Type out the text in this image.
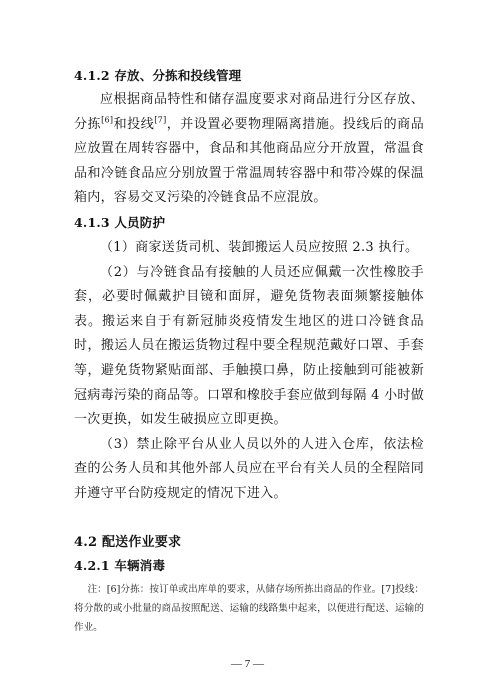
4.1.2 存放、分拣和投线管理

应根据商品特性和储存温度要求对商品进行分区存放、分拣[6]和投线[7]，并设置必要物理隔离措施。投线后的商品应放置在周转容器中，食品和其他商品应分开放置，常温食品和冷链食品应分别放置于常温周转容器中和带冷媒的保温箱内，容易交叉污染的冷链食品不应混放。

4.1.3 人员防护

（1）商家送货司机、装卸搬运人员应按照 2.3 执行。

（2）与冷链食品有接触的人员还应佩戴一次性橡胶手套，必要时佩戴护目镜和面屏，避免货物表面频繁接触体表。搬运来自于有新冠肺炎疫情发生地区的进口冷链食品时，搬运人员在搬运货物过程中要全程规范戴好口罩、手套等，避免货物紧贴面部、手触摸口鼻，防止接触到可能被新冠病毒污染的商品等。口罩和橡胶手套应做到每隔 4 小时做一次更换，如发生破损应立即更换。

（3）禁止除平台从业人员以外的人进入仓库，依法检查的公务人员和其他外部人员应在平台有关人员的全程陪同并遵守平台防疫规定的情况下进入。

4.2 配送作业要求
4.2.1 车辆消毒

注：[6]分拣：按订单或出库单的要求，从储存场所拣出商品的作业。[7]投线：将分散的或小批量的商品按照配送、运输的线路集中起来，以便进行配送、运输的作业。

— 7 —
